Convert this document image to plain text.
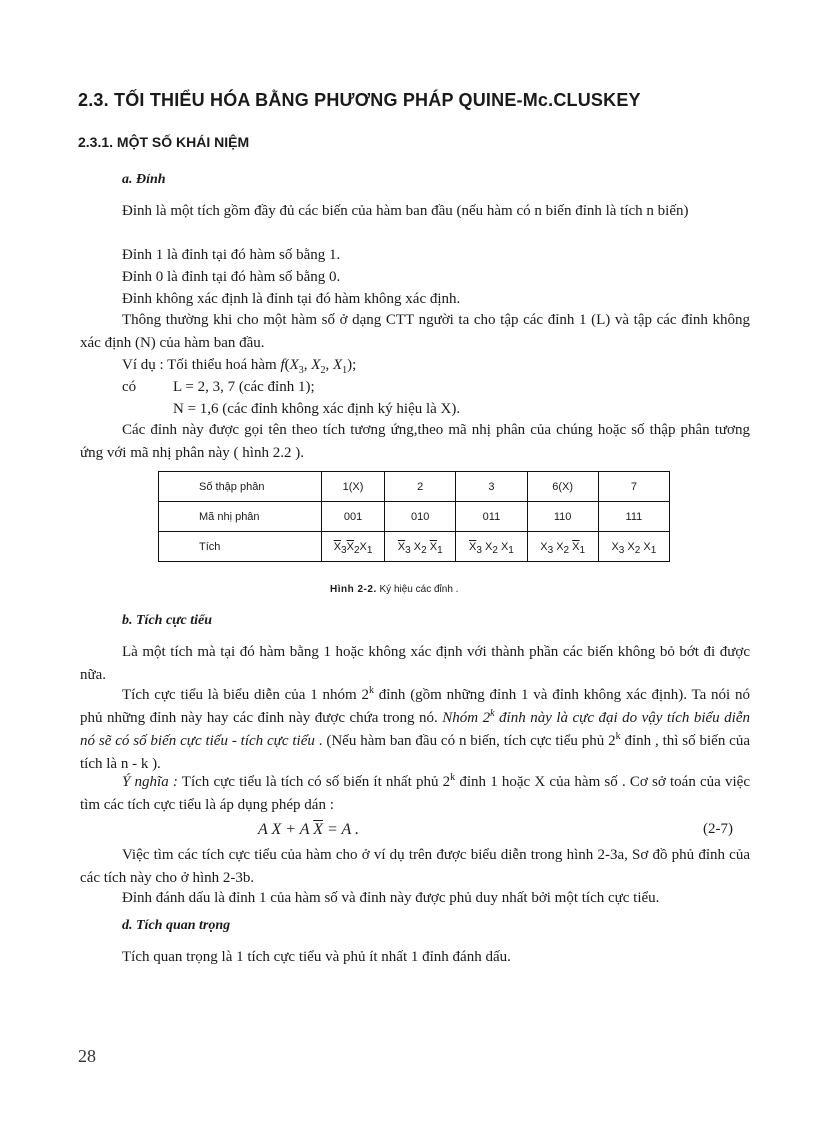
2.3. TỐI THIỂU HÓA BẰNG PHƯƠNG PHÁP QUINE-Mc.CLUSKEY
2.3.1. MỘT SỐ KHÁI NIỆM
a. Đỉnh
Đỉnh là một tích gồm đầy đủ các biến của hàm ban đầu (nếu hàm có n biến đỉnh là tích n biến)
Đỉnh 1 là đỉnh tại đó hàm số bằng 1.
Đỉnh 0 là đỉnh tại đó hàm số bằng 0.
Đỉnh không xác định là đỉnh tại đó hàm không xác định.
Thông thường khi cho một hàm số ở dạng CTT người ta cho tập các đỉnh 1 (L) và tập các đỉnh không xác định (N) của hàm ban đầu.
Ví dụ : Tối thiểu hoá hàm $f(X_3$, $X_2$, $X_1$);
có L = 2, 3, 7 (các đỉnh 1);
N = 1,6 (các đỉnh không xác định ký hiệu là X).
Các đỉnh này được gọi tên theo tích tương ứng,theo mã nhị phân của chúng hoặc số thập phân tương ứng với mã nhị phân này ( hình 2.2 ).
Số thập phân	1(X)	2	3	6(X)	7
Mã nhị phân	001	010	011	110	111
Tích	$\overline{X}_3\overline{X}_2X_1$	$\overline{X}_3$ $X_2$ $\overline{X}_1$	$\overline{X}_3$ $X_2$ $X_1$	$X_3$ $X_2$ $\overline{X}_1$	$X_3$ $X_2$ $X_1$
Hình 2-2. Ký hiệu các đỉnh .
b. Tích cực tiểu
Là một tích mà tại đó hàm bằng 1 hoặc không xác định với thành phần các biến không bỏ bớt đi được nữa.
Tích cực tiểu là biểu diễn của 1 nhóm 2$^k$ đỉnh (gồm những đỉnh 1 và đỉnh không xác định). Ta nói nó phủ những đỉnh này hay các đỉnh này được chứa trong nó. Nhóm 2$^k$ đỉnh này là cực đại do vậy tích biểu diễn nó sẽ có số biến cực tiểu - tích cực tiểu . (Nếu hàm ban đầu có n biến, tích cực tiểu phủ 2$^k$ đỉnh , thì số biến của tích là n - k ).
Ý nghĩa : Tích cực tiểu là tích có số biến ít nhất phủ 2$^k$ đỉnh 1 hoặc X của hàm số . Cơ sở toán của việc tìm các tích cực tiểu là áp dụng phép dán :
A X + A $\overline{X} = A$ .	(2-7)
Việc tìm các tích cực tiểu của hàm cho ở ví dụ trên được biểu diễn trong hình 2-3a, Sơ đồ phủ đỉnh của các tích này cho ở hình 2-3b.
Đỉnh đánh dấu là đỉnh 1 của hàm số và đỉnh này được phủ duy nhất bởi một tích cực tiểu.
d. Tích quan trọng
Tích quan trọng là 1 tích cực tiểu và phủ ít nhất 1 đỉnh đánh dấu.
28
